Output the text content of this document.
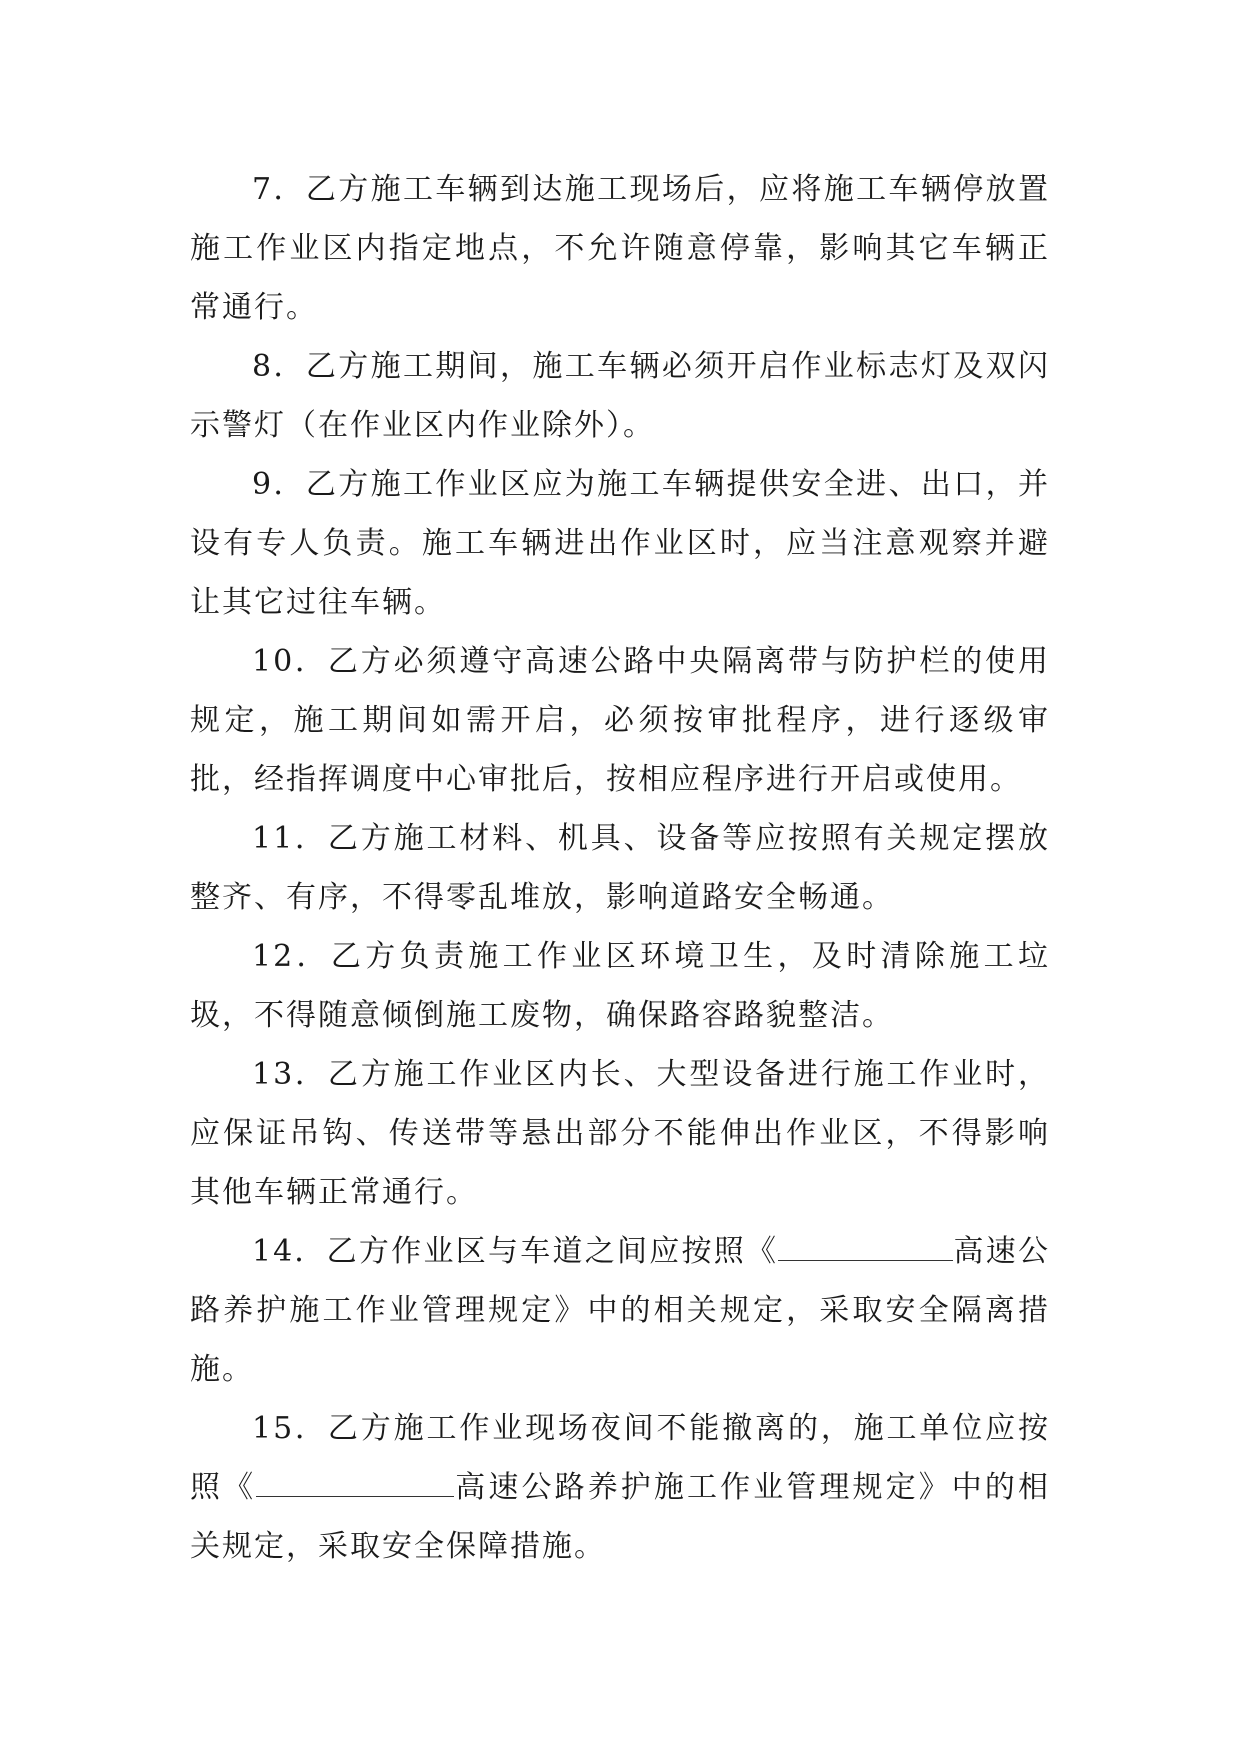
7．乙方施工车辆到达施工现场后，应将施工车辆停放置施工作业区内指定地点，不允许随意停靠，影响其它车辆正常通行。

8．乙方施工期间，施工车辆必须开启作业标志灯及双闪示警灯（在作业区内作业除外）。

9．乙方施工作业区应为施工车辆提供安全进、出口，并设有专人负责。施工车辆进出作业区时，应当注意观察并避让其它过往车辆。

10．乙方必须遵守高速公路中央隔离带与防护栏的使用规定，施工期间如需开启，必须按审批程序，进行逐级审批，经指挥调度中心审批后，按相应程序进行开启或使用。

11．乙方施工材料、机具、设备等应按照有关规定摆放整齐、有序，不得零乱堆放，影响道路安全畅通。

12．乙方负责施工作业区环境卫生，及时清除施工垃圾，不得随意倾倒施工废物，确保路容路貌整洁。

13．乙方施工作业区内长、大型设备进行施工作业时，应保证吊钩、传送带等悬出部分不能伸出作业区，不得影响其他车辆正常通行。

14．乙方作业区与车道之间应按照《	高速公路养护施工作业管理规定》中的相关规定，采取安全隔离措施。

15．乙方施工作业现场夜间不能撤离的，施工单位应按照《	高速公路养护施工作业管理规定》中的相关规定，采取安全保障措施。
